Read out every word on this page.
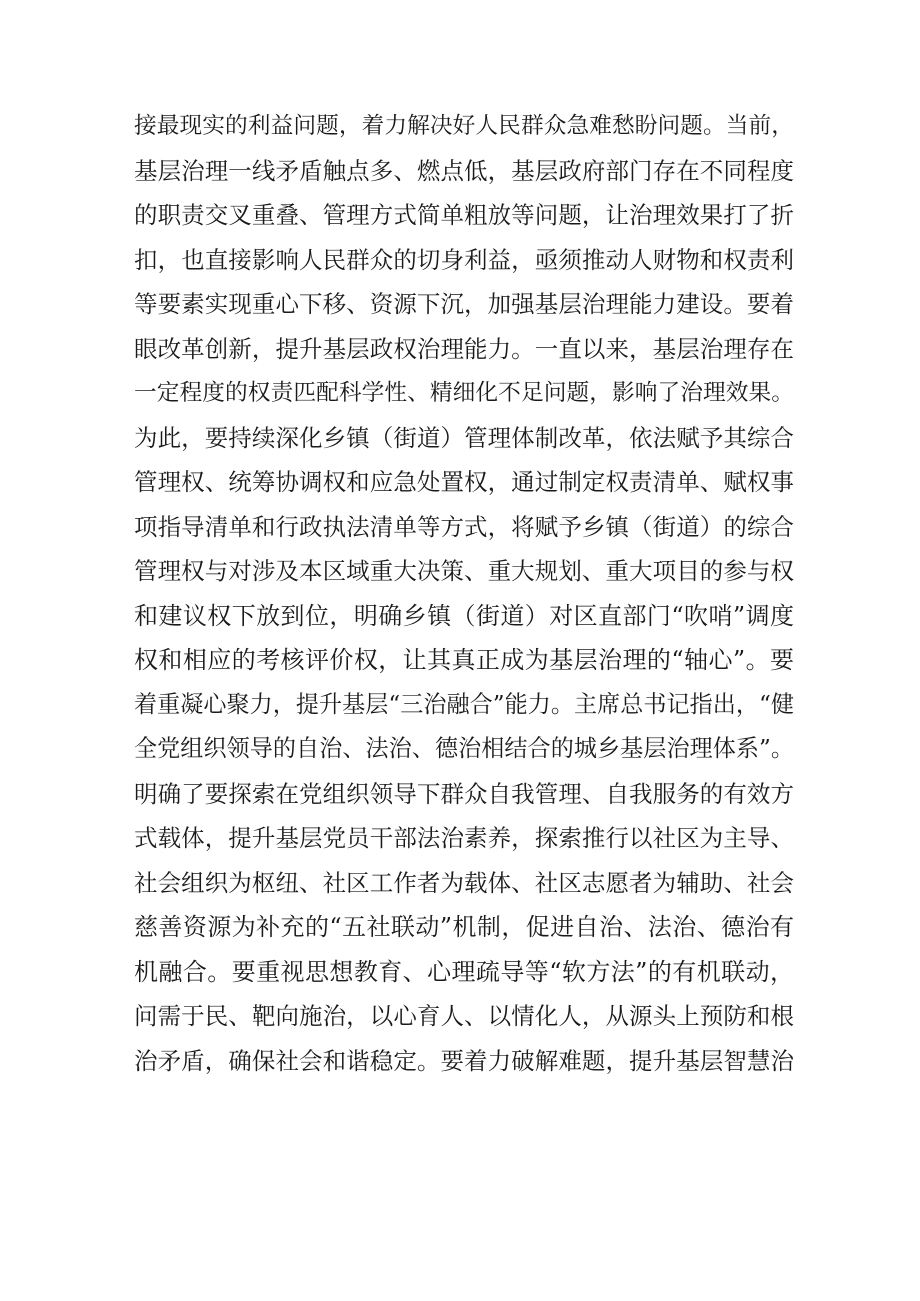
接最现实的利益问题，着力解决好人民群众急难愁盼问题。当前，
基层治理一线矛盾触点多、燃点低，基层政府部门存在不同程度
的职责交叉重叠、管理方式简单粗放等问题，让治理效果打了折
扣，也直接影响人民群众的切身利益，亟须推动人财物和权责利
等要素实现重心下移、资源下沉，加强基层治理能力建设。要着
眼改革创新，提升基层政权治理能力。一直以来，基层治理存在
一定程度的权责匹配科学性、精细化不足问题，影响了治理效果。
为此，要持续深化乡镇（街道）管理体制改革，依法赋予其综合
管理权、统筹协调权和应急处置权，通过制定权责清单、赋权事
项指导清单和行政执法清单等方式，将赋予乡镇（街道）的综合
管理权与对涉及本区域重大决策、重大规划、重大项目的参与权
和建议权下放到位，明确乡镇（街道）对区直部门“吹哨”调度
权和相应的考核评价权，让其真正成为基层治理的“轴心”。要
着重凝心聚力，提升基层“三治融合”能力。主席总书记指出，“健
全党组织领导的自治、法治、德治相结合的城乡基层治理体系”。
明确了要探索在党组织领导下群众自我管理、自我服务的有效方
式载体，提升基层党员干部法治素养，探索推行以社区为主导、
社会组织为枢纽、社区工作者为载体、社区志愿者为辅助、社会
慈善资源为补充的“五社联动”机制，促进自治、法治、德治有
机融合。要重视思想教育、心理疏导等“软方法”的有机联动，
问需于民、靶向施治，以心育人、以情化人，从源头上预防和根
治矛盾，确保社会和谐稳定。要着力破解难题，提升基层智慧治
